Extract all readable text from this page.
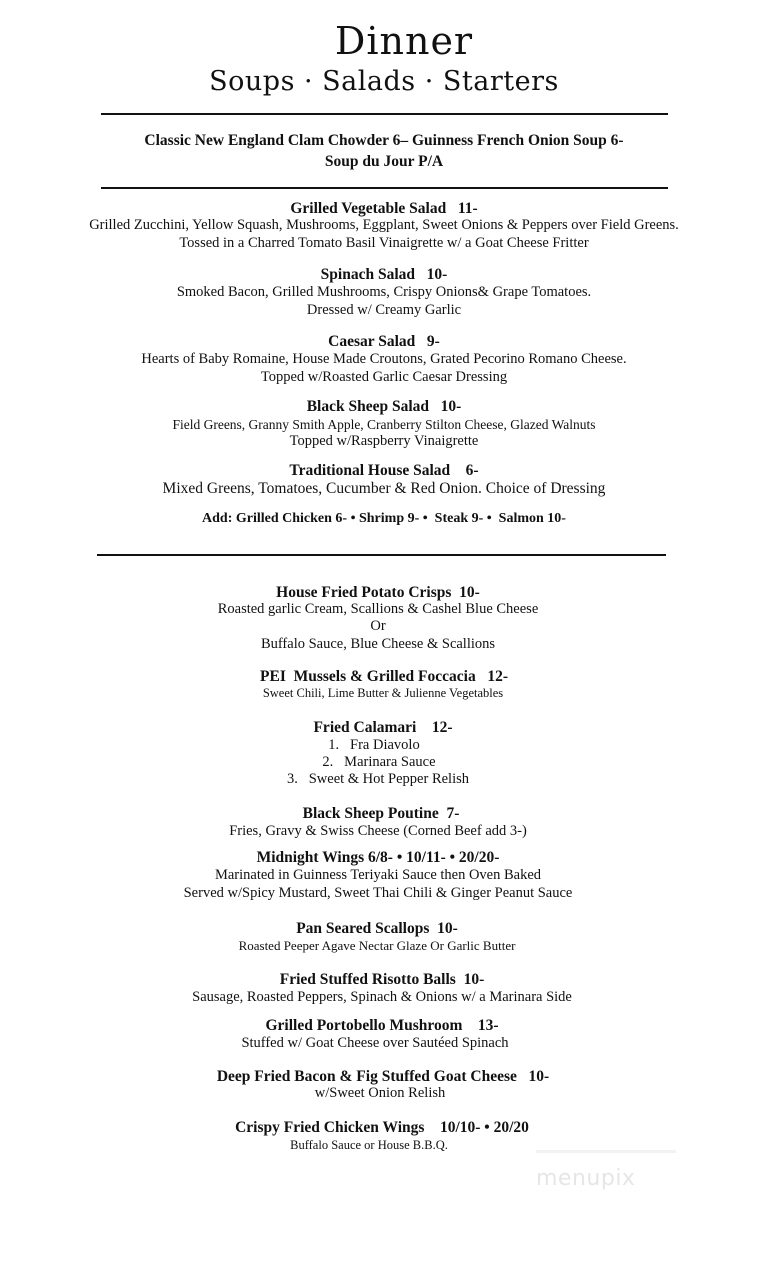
Dinner
Soups · Salads · Starters
Classic New England Clam Chowder 6– Guinness French Onion Soup 6-
Soup du Jour P/A
Grilled Vegetable Salad   11-
Grilled Zucchini, Yellow Squash, Mushrooms, Eggplant, Sweet Onions & Peppers over Field Greens.
Tossed in a Charred Tomato Basil Vinaigrette w/ a Goat Cheese Fritter
Spinach Salad   10-
Smoked Bacon, Grilled Mushrooms, Crispy Onions& Grape Tomatoes.
Dressed w/ Creamy Garlic
Caesar Salad   9-
Hearts of Baby Romaine, House Made Croutons, Grated Pecorino Romano Cheese.
Topped w/Roasted Garlic Caesar Dressing
Black Sheep Salad   10-
Field Greens, Granny Smith Apple, Cranberry Stilton Cheese, Glazed Walnuts
Topped w/Raspberry Vinaigrette
Traditional House Salad    6-
Mixed Greens, Tomatoes, Cucumber & Red Onion. Choice of Dressing
Add: Grilled Chicken 6- • Shrimp 9- •  Steak 9- •  Salmon 10-
House Fried Potato Crisps  10-
Roasted garlic Cream, Scallions & Cashel Blue Cheese
Or
Buffalo Sauce, Blue Cheese & Scallions
PEI  Mussels & Grilled Foccacia   12-
Sweet Chili, Lime Butter & Julienne Vegetables
Fried Calamari    12-
1.   Fra Diavolo
2.   Marinara Sauce
3.   Sweet & Hot Pepper Relish
Black Sheep Poutine  7-
Fries, Gravy & Swiss Cheese (Corned Beef add 3-)
Midnight Wings 6/8- • 10/11- • 20/20-
Marinated in Guinness Teriyaki Sauce then Oven Baked
Served w/Spicy Mustard, Sweet Thai Chili & Ginger Peanut Sauce
Pan Seared Scallops  10-
Roasted Peeper Agave Nectar Glaze Or Garlic Butter
Fried Stuffed Risotto Balls  10-
Sausage, Roasted Peppers, Spinach & Onions w/ a Marinara Side
Grilled Portobello Mushroom    13-
Stuffed w/ Goat Cheese over Sautéed Spinach
Deep Fried Bacon & Fig Stuffed Goat Cheese   10-
w/Sweet Onion Relish
Crispy Fried Chicken Wings    10/10- • 20/20
Buffalo Sauce or House B.B.Q.
menupix
